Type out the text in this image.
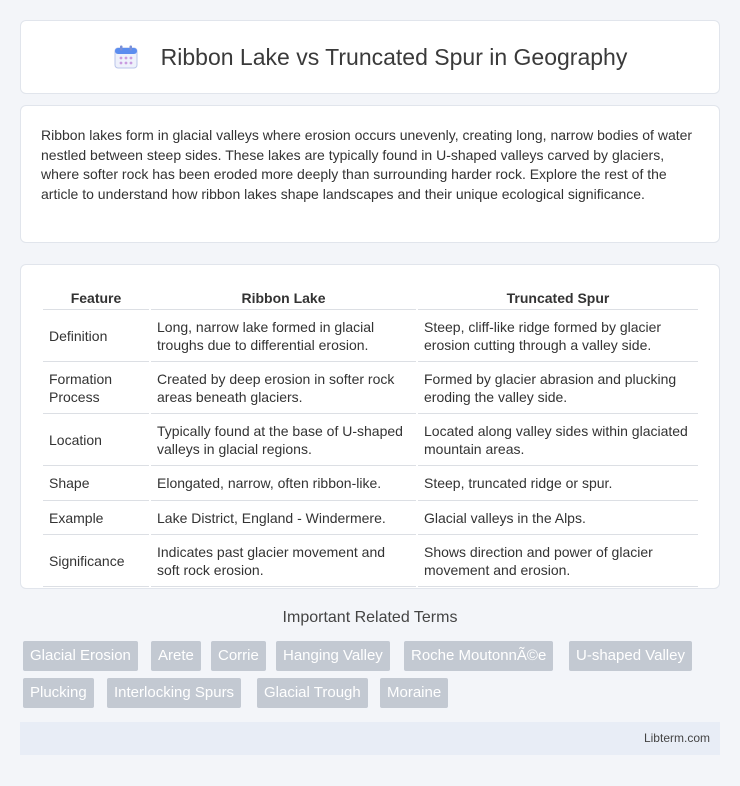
Ribbon Lake vs Truncated Spur in Geography

Ribbon lakes form in glacial valleys where erosion occurs unevenly, creating long, narrow bodies of water nestled between steep sides. These lakes are typically found in U-shaped valleys carved by glaciers, where softer rock has been eroded more deeply than surrounding harder rock. Explore the rest of the article to understand how ribbon lakes shape landscapes and their unique ecological significance.

Feature	Ribbon Lake	Truncated Spur
Definition	Long, narrow lake formed in glacial troughs due to differential erosion.	Steep, cliff-like ridge formed by glacier erosion cutting through a valley side.
Formation Process	Created by deep erosion in softer rock areas beneath glaciers.	Formed by glacier abrasion and plucking eroding the valley side.
Location	Typically found at the base of U-shaped valleys in glacial regions.	Located along valley sides within glaciated mountain areas.
Shape	Elongated, narrow, often ribbon-like.	Steep, truncated ridge or spur.
Example	Lake District, England - Windermere.	Glacial valleys in the Alps.
Significance	Indicates past glacier movement and soft rock erosion.	Shows direction and power of glacier movement and erosion.
Important Related Terms
Glacial Erosion	Arete	Corrie	Hanging Valley	Roche MoutonnÃ©e	U-shaped Valley
Plucking	Interlocking Spurs	Glacial Trough	Moraine
Libterm.com
